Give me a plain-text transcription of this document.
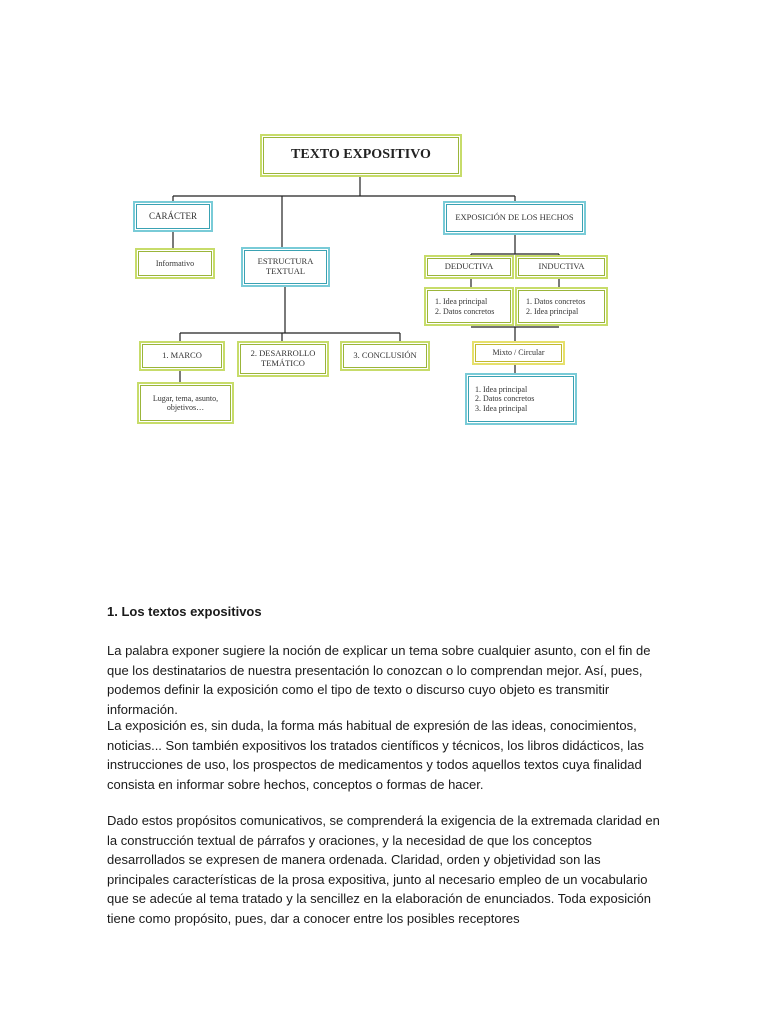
TEXTO EXPOSITIVO
CARÁCTER
Informativo	ESTRUCTURA TEXTUAL
EXPOSICIÓN DE LOS HECHOS
DEDUCTIVA	INDUCTIVA
1. Idea principal
2. Datos concretos
1. Datos concretos
2. Idea principal
1. MARCO	2. DESARROLLO TEMÁTICO
3. CONCLUSIÓN
Lugar, tema, asunto, objetivos…
Mixto / Circular
1. Idea principal
2. Datos concretos
3. Idea principal
1. Los textos expositivos

La palabra exponer sugiere la noción de explicar un tema sobre cualquier asunto, con el fin de que los destinatarios de nuestra presentación lo conozcan o lo comprendan mejor. Así, pues, podemos definir la exposición como el tipo de texto o discurso cuyo objeto es transmitir información.

La exposición es, sin duda, la forma más habitual de expresión de las ideas, conocimientos, noticias... Son también expositivos los tratados científicos y técnicos, los libros didácticos, las instrucciones de uso, los prospectos de medicamentos y todos aquellos textos cuya finalidad consista en informar sobre hechos, conceptos o formas de hacer.

Dado estos propósitos comunicativos, se comprenderá la exigencia de la extremada claridad en la construcción textual de párrafos y oraciones, y la necesidad de que los conceptos desarrollados se expresen de manera ordenada. Claridad, orden y objetividad son las principales características de la prosa expositiva, junto al necesario empleo de un vocabulario que se adecúe al tema tratado y la sencillez en la elaboración de enunciados. Toda exposición tiene como propósito, pues, dar a conocer entre los posibles receptores
